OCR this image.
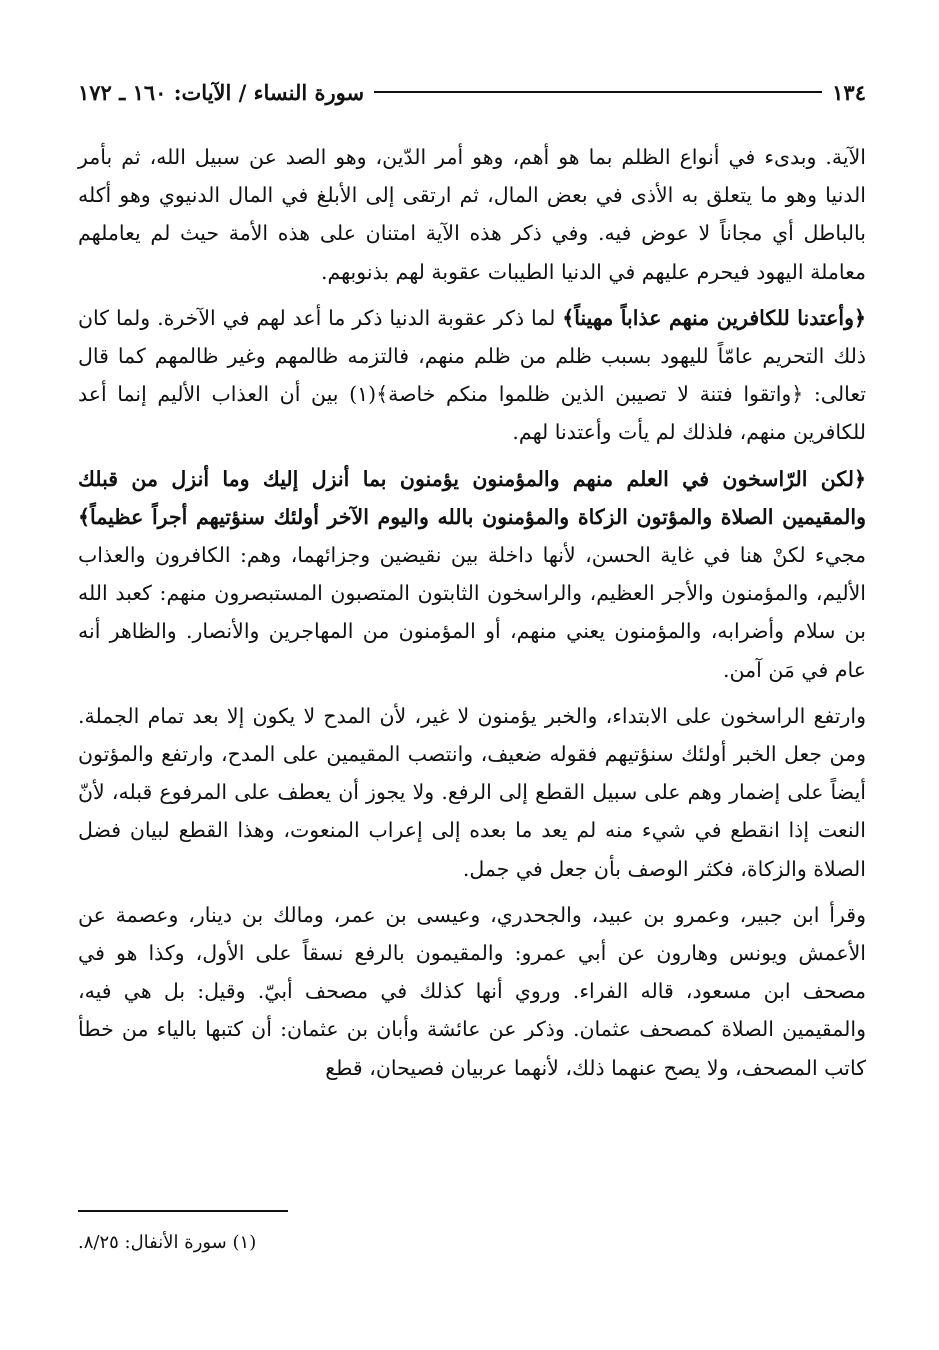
١٣٤
سورة النساء / الآيات: ١٦٠ ـ ١٧٢

الآية. وبدىء في أنواع الظلم بما هو أهم، وهو أمر الدّين، وهو الصد عن سبيل الله، ثم بأمر الدنيا وهو ما يتعلق به الأذى في بعض المال، ثم ارتقى إلى الأبلغ في المال الدنيوي وهو أكله بالباطل أي مجاناً لا عوض فيه. وفي ذكر هذه الآية امتنان على هذه الأمة حيث لم يعاملهم معاملة اليهود فيحرم عليهم في الدنيا الطيبات عقوبة لهم بذنوبهم.

﴿وأعتدنا للكافرين منهم عذاباً مهيناً﴾ لما ذكر عقوبة الدنيا ذكر ما أعد لهم في الآخرة. ولما كان ذلك التحريم عامّاً لليهود بسبب ظلم من ظلم منهم، فالتزمه ظالمهم وغير ظالمهم كما قال تعالى: ﴿واتقوا فتنة لا تصيبن الذين ظلموا منكم خاصة﴾(١) بين أن العذاب الأليم إنما أعد للكافرين منهم، فلذلك لم يأت وأعتدنا لهم.

﴿لكن الرّاسخون في العلم منهم والمؤمنون يؤمنون بما أنزل إليك وما أنزل من قبلك والمقيمين الصلاة والمؤتون الزكاة والمؤمنون بالله واليوم الآخر أولئك سنؤتيهم أجراً عظيماً﴾ مجيء لكنْ هنا في غاية الحسن، لأنها داخلة بين نقيضين وجزائهما، وهم: الكافرون والعذاب الأليم، والمؤمنون والأجر العظيم، والراسخون الثابتون المتصبون المستبصرون منهم: كعبد الله بن سلام وأضرابه، والمؤمنون يعني منهم، أو المؤمنون من المهاجرين والأنصار. والظاهر أنه عام في مَن آمن.

وارتفع الراسخون على الابتداء، والخبر يؤمنون لا غير، لأن المدح لا يكون إلا بعد تمام الجملة. ومن جعل الخبر أولئك سنؤتيهم فقوله ضعيف، وانتصب المقيمين على المدح، وارتفع والمؤتون أيضاً على إضمار وهم على سبيل القطع إلى الرفع. ولا يجوز أن يعطف على المرفوع قبله، لأنّ النعت إذا انقطع في شيء منه لم يعد ما بعده إلى إعراب المنعوت، وهذا القطع لبيان فضل الصلاة والزكاة، فكثر الوصف بأن جعل في جمل.

وقرأ ابن جبير، وعمرو بن عبيد، والجحدري، وعيسى بن عمر، ومالك بن دينار، وعصمة عن الأعمش ويونس وهارون عن أبي عمرو: والمقيمون بالرفع نسقاً على الأول، وكذا هو في مصحف ابن مسعود، قاله الفراء. وروي أنها كذلك في مصحف أبيّ. وقيل: بل هي فيه، والمقيمين الصلاة كمصحف عثمان. وذكر عن عائشة وأبان بن عثمان: أن كتبها بالياء من خطأ كاتب المصحف، ولا يصح عنهما ذلك، لأنهما عربيان فصيحان، قطع

(١) سورة الأنفال: ٨/٢٥.
